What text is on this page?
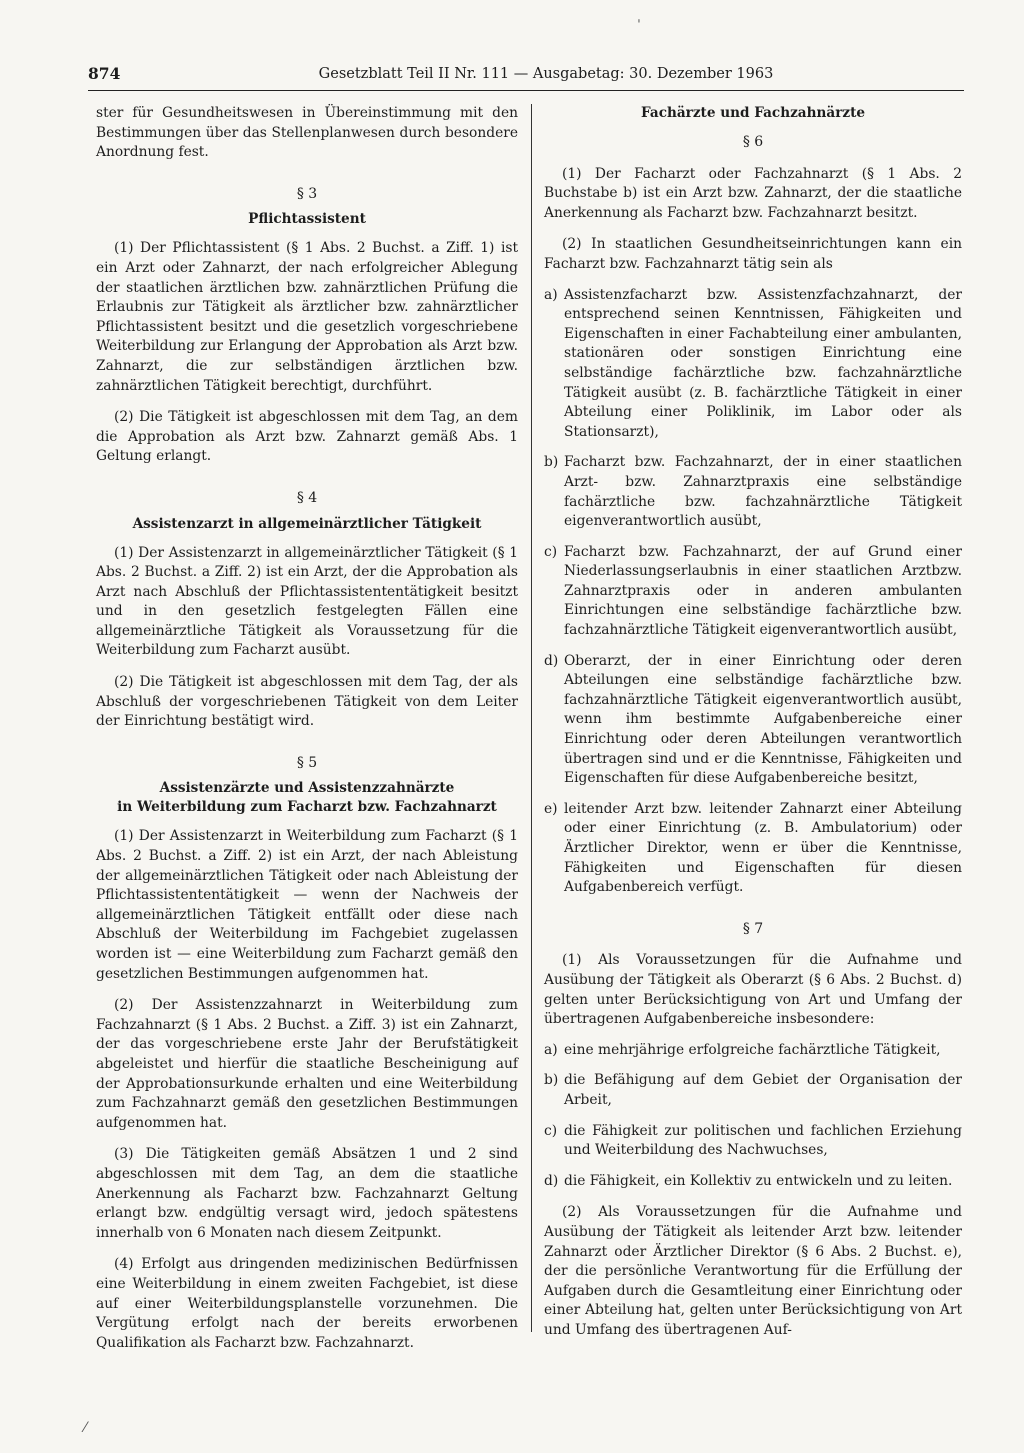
874	Gesetzblatt Teil II Nr. 111 — Ausgabetag: 30. Dezember 1963

ster für Gesundheitswesen in Übereinstimmung mit den Bestimmungen über das Stellenplanwesen durch besondere Anordnung fest.

§ 3
Pflichtassistent

(1) Der Pflichtassistent (§ 1 Abs. 2 Buchst. a Ziff. 1) ist ein Arzt oder Zahnarzt, der nach erfolgreicher Ablegung der staatlichen ärztlichen bzw. zahnärztlichen Prüfung die Erlaubnis zur Tätigkeit als ärztlicher bzw. zahnärztlicher Pflichtassistent besitzt und die gesetzlich vorgeschriebene Weiterbildung zur Erlangung der Approbation als Arzt bzw. Zahnarzt, die zur selbständigen ärztlichen bzw. zahnärztlichen Tätigkeit berechtigt, durchführt.

(2) Die Tätigkeit ist abgeschlossen mit dem Tag, an dem die Approbation als Arzt bzw. Zahnarzt gemäß Abs. 1 Geltung erlangt.

§ 4
Assistenzarzt in allgemeinärztlicher Tätigkeit

(1) Der Assistenzarzt in allgemeinärztlicher Tätigkeit (§ 1 Abs. 2 Buchst. a Ziff. 2) ist ein Arzt, der die Approbation als Arzt nach Abschluß der Pflichtassistententätigkeit besitzt und in den gesetzlich festgelegten Fällen eine allgemeinärztliche Tätigkeit als Voraussetzung für die Weiterbildung zum Facharzt ausübt.

(2) Die Tätigkeit ist abgeschlossen mit dem Tag, der als Abschluß der vorgeschriebenen Tätigkeit von dem Leiter der Einrichtung bestätigt wird.

§ 5
Assistenzärzte und Assistenzzahnärzte
in Weiterbildung zum Facharzt bzw. Fachzahnarzt

(1) Der Assistenzarzt in Weiterbildung zum Facharzt (§ 1 Abs. 2 Buchst. a Ziff. 2) ist ein Arzt, der nach Ableistung der allgemeinärztlichen Tätigkeit oder nach Ableistung der Pflichtassistententätigkeit — wenn der Nachweis der allgemeinärztlichen Tätigkeit entfällt oder diese nach Abschluß der Weiterbildung im Fachgebiet zugelassen worden ist — eine Weiterbildung zum Facharzt gemäß den gesetzlichen Bestimmungen aufgenommen hat.

(2) Der Assistenzzahnarzt in Weiterbildung zum Fachzahnarzt (§ 1 Abs. 2 Buchst. a Ziff. 3) ist ein Zahnarzt, der das vorgeschriebene erste Jahr der Berufstätigkeit abgeleistet und hierfür die staatliche Bescheinigung auf der Approbationsurkunde erhalten und eine Weiterbildung zum Fachzahnarzt gemäß den gesetzlichen Bestimmungen aufgenommen hat.

(3) Die Tätigkeiten gemäß Absätzen 1 und 2 sind abgeschlossen mit dem Tag, an dem die staatliche Anerkennung als Facharzt bzw. Fachzahnarzt Geltung erlangt bzw. endgültig versagt wird, jedoch spätestens innerhalb von 6 Monaten nach diesem Zeitpunkt.

(4) Erfolgt aus dringenden medizinischen Bedürfnissen eine Weiterbildung in einem zweiten Fachgebiet, ist diese auf einer Weiterbildungsplanstelle vorzunehmen. Die Vergütung erfolgt nach der bereits erworbenen Qualifikation als Facharzt bzw. Fachzahnarzt.

Fachärzte und Fachzahnärzte
§ 6

(1) Der Facharzt oder Fachzahnarzt (§ 1 Abs. 2 Buchstabe b) ist ein Arzt bzw. Zahnarzt, der die staatliche Anerkennung als Facharzt bzw. Fachzahnarzt besitzt.

(2) In staatlichen Gesundheitseinrichtungen kann ein Facharzt bzw. Fachzahnarzt tätig sein als

a) Assistenzfacharzt bzw. Assistenzfachzahnarzt, der entsprechend seinen Kenntnissen, Fähigkeiten und Eigenschaften in einer Fachabteilung einer ambulanten, stationären oder sonstigen Einrichtung eine selbständige fachärztliche bzw. fachzahnärztliche Tätigkeit ausübt (z. B. fachärztliche Tätigkeit in einer Abteilung einer Poliklinik, im Labor oder als Stationsarzt),
b) Facharzt bzw. Fachzahnarzt, der in einer staatlichen Arzt- bzw. Zahnarztpraxis eine selbständige fachärztliche bzw. fachzahnärztliche Tätigkeit eigenverantwortlich ausübt,
c) Facharzt bzw. Fachzahnarzt, der auf Grund einer Niederlassungserlaubnis in einer staatlichen Arztbzw. Zahnarztpraxis oder in anderen ambulanten Einrichtungen eine selbständige fachärztliche bzw. fachzahnärztliche Tätigkeit eigenverantwortlich ausübt,
d) Oberarzt, der in einer Einrichtung oder deren Abteilungen eine selbständige fachärztliche bzw. fachzahnärztliche Tätigkeit eigenverantwortlich ausübt, wenn ihm bestimmte Aufgabenbereiche einer Einrichtung oder deren Abteilungen verantwortlich übertragen sind und er die Kenntnisse, Fähigkeiten und Eigenschaften für diese Aufgabenbereiche besitzt,
e) leitender Arzt bzw. leitender Zahnarzt einer Abteilung oder einer Einrichtung (z. B. Ambulatorium) oder Ärztlicher Direktor, wenn er über die Kenntnisse, Fähigkeiten und Eigenschaften für diesen Aufgabenbereich verfügt.
§ 7

(1) Als Voraussetzungen für die Aufnahme und Ausübung der Tätigkeit als Oberarzt (§ 6 Abs. 2 Buchst. d) gelten unter Berücksichtigung von Art und Umfang der übertragenen Aufgabenbereiche insbesondere:

a) eine mehrjährige erfolgreiche fachärztliche Tätigkeit,
b) die Befähigung auf dem Gebiet der Organisation der Arbeit,
c) die Fähigkeit zur politischen und fachlichen Erziehung und Weiterbildung des Nachwuchses,
d) die Fähigkeit, ein Kollektiv zu entwickeln und zu leiten.

(2) Als Voraussetzungen für die Aufnahme und Ausübung der Tätigkeit als leitender Arzt bzw. leitender Zahnarzt oder Ärztlicher Direktor (§ 6 Abs. 2 Buchst. e), der die persönliche Verantwortung für die Erfüllung der Aufgaben durch die Gesamtleitung einer Einrichtung oder einer Abteilung hat, gelten unter Berücksichtigung von Art und Umfang des übertragenen Auf-

ˈ
⁄
